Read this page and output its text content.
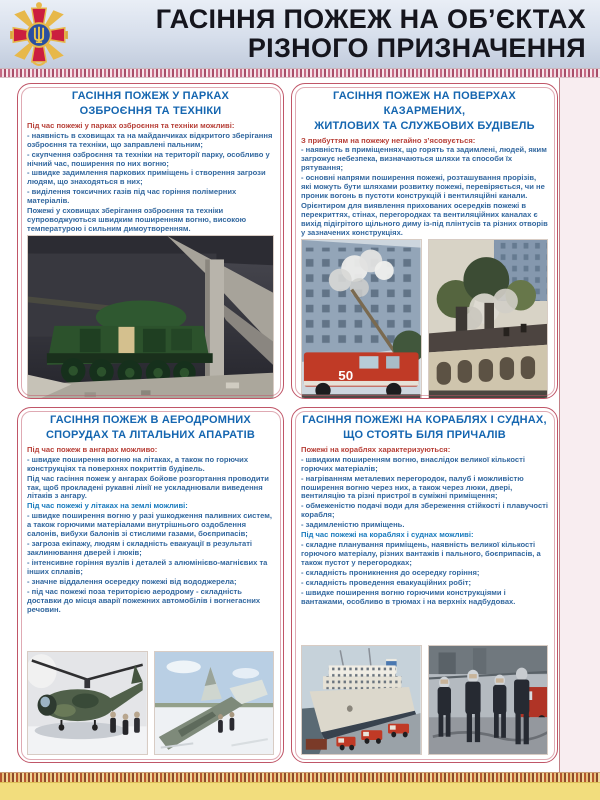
ГАСІННЯ ПОЖЕЖ НА ОБ’ЄКТАХ
РІЗНОГО ПРИЗНАЧЕННЯ
ГАСІННЯ ПОЖЕЖ У ПАРКАХ
ОЗБРОЄННЯ ТА ТЕХНІКИ

Під час пожежі у парках озброєння та техніки можливі:

- наявність в сховищах та на майданчиках відкритого зберігання озброєння та техніки, що заправлені пальним;

- скупчення озброєння та техніки на території парку, особливо у нічний час, поширення по них вогню;

- швидке задимлення паркових приміщень і створення загрози людям, що знаходяться в них;

- виділення токсичних газів під час горіння полімерних матеріалів.

Пожежі у сховищах зберігання озброєння та техніки супроводжуються швидким поширенням вогню, високою температурою і сильним димоутворенням.

ГАСІННЯ ПОЖЕЖ НА ПОВЕРХАХ КАЗАРМЕНИХ,
ЖИТЛОВИХ ТА СЛУЖБОВИХ БУДІВЕЛЬ

З прибуттям на пожежу негайно з’ясовується:

- наявність в приміщеннях, що горять та задимлені, людей, яким загрожує небезпека, визначаються шляхи та способи їх рятування;

- основні напрями поширення пожежі, розташування прорізів, які можуть бути шляхами розвитку пожежі, перевіряється, чи не проник вогонь в пустоти конструкцій і вентиляційні канали.

Орієнтиром для виявлення прихованих осередків пожежі в перекриттях, стінах, перегородках та вентиляційних каналах є вихід підігрітого щільного диму із-під плінтусів та різних отворів у зазначених конструкціях.

50
ГАСІННЯ ПОЖЕЖ В АЕРОДРОМНИХ
СПОРУДАХ ТА ЛІТАЛЬНИХ АПАРАТІВ

Під час пожеж в ангарах можливо:

- швидке поширення вогню на літаках, а також по горючих конструкціях та поверхнях покриттів будівель.

Під час гасіння пожеж у ангарах бойове розгортання проводити так, щоб прокладені рукавні лінії не ускладнювали виведення літаків з ангару.

Під час пожежі у літаках на землі можливі:

- швидке поширення вогню у разі ушкодження паливних систем, а також горючими матеріалами внутрішнього оздоблення салонів, вибухи балонів зі стислими газами, боєприпасів;

- загроза екіпажу, людям і складність евакуації в результаті заклинювання дверей і люків;

- інтенсивне горіння вузлів і деталей з алюмінієво-магнієвих та інших сплавів;

- значне віддалення осередку пожежі від вододжерела;

- під час пожежі поза територією аеродрому - складність доставки до місця аварії пожежних автомобілів і вогнегасних речовин.

ГАСІННЯ ПОЖЕЖІ НА КОРАБЛЯХ І СУДНАХ,
ЩО СТОЯТЬ БІЛЯ ПРИЧАЛІВ

Пожежі на кораблях характеризуються:

- швидким поширенням вогню, внаслідок великої кількості горючих матеріалів;

- нагріванням металевих перегородок, палуб і можливістю поширення вогню через них, а також через люки, двері, вентиляцію та різні пристрої в суміжні приміщення;

- обмеженістю подачі води для збереження стійкості і плавучості корабля;

- задимленістю приміщень.

Під час пожежі на кораблях і суднах можливі:

- складне планування приміщень, наявність великої кількості горючого матеріалу, різних вантажів і пального, боєприпасів, а також пустот у перегородках;

- складність проникнення до осередку горіння;

- складність проведення евакуаційних робіт;

- швидке поширення вогню горючими конструкціями і вантажами, особливо в трюмах і на верхніх надбудовах.
